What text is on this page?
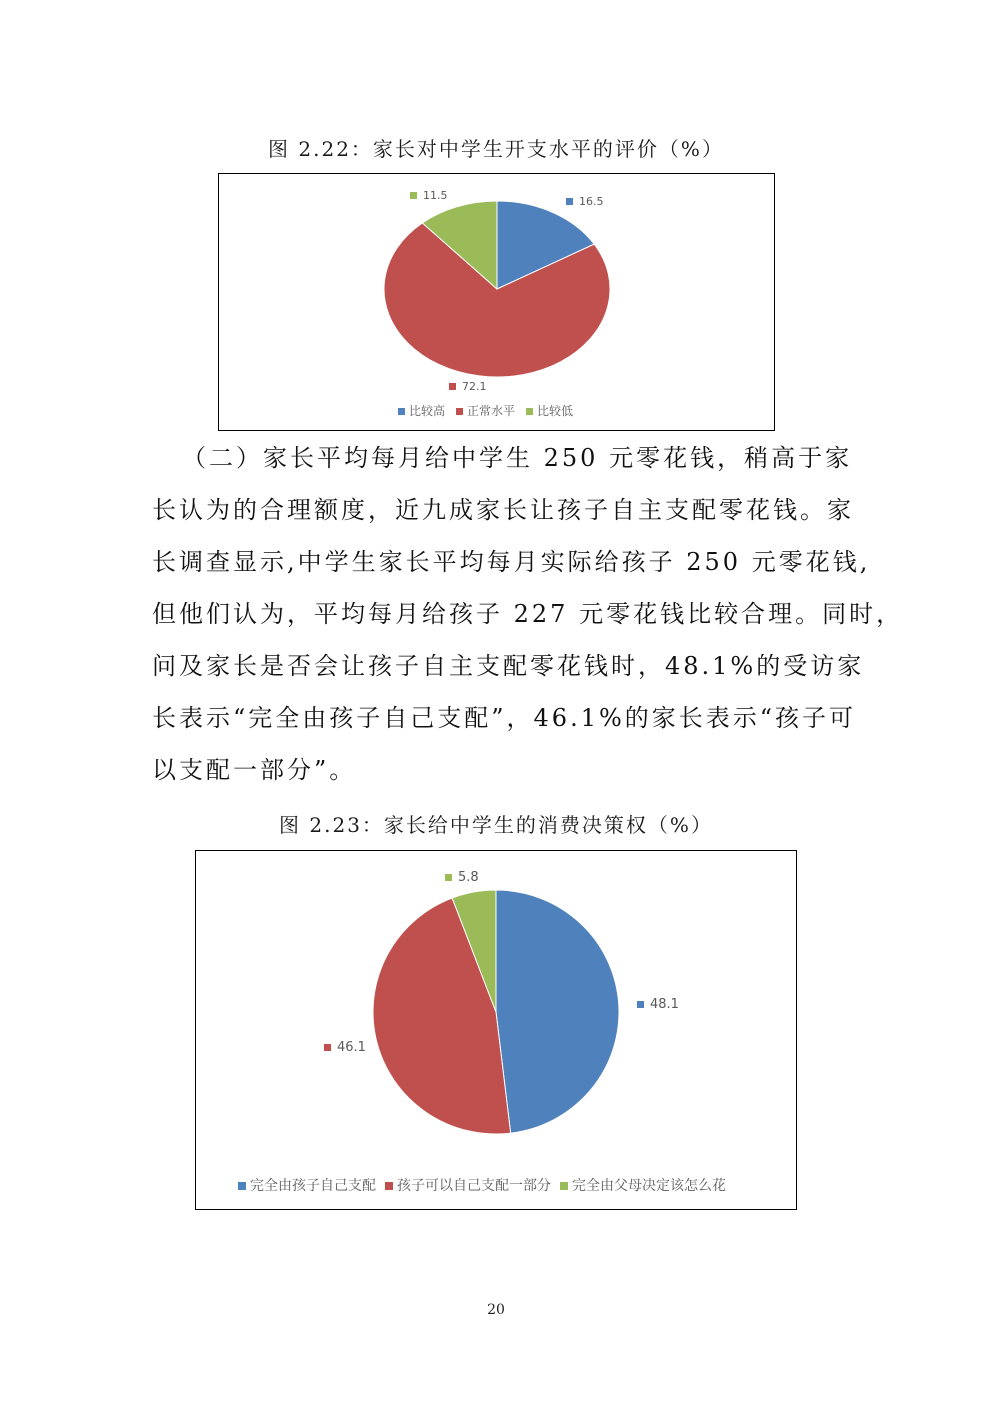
图 2.22：家长对中学生开支水平的评价（%）
16.5
72.1
11.5
比较高 正常水平 比较低
（二）家长平均每月给中学生 250 元零花钱，稍高于家
长认为的合理额度，近九成家长让孩子自主支配零花钱。家
长调查显示,中学生家长平均每月实际给孩子 250 元零花钱,
但他们认为，平均每月给孩子 227 元零花钱比较合理。同时，
问及家长是否会让孩子自主支配零花钱时，48.1%的受访家
长表示“完全由孩子自己支配”，46.1%的家长表示“孩子可
以支配一部分”。
图 2.23：家长给中学生的消费决策权（%）
48.1
46.1
5.8
完全由孩子自己支配 孩子可以自己支配一部分 完全由父母决定该怎么花
20
